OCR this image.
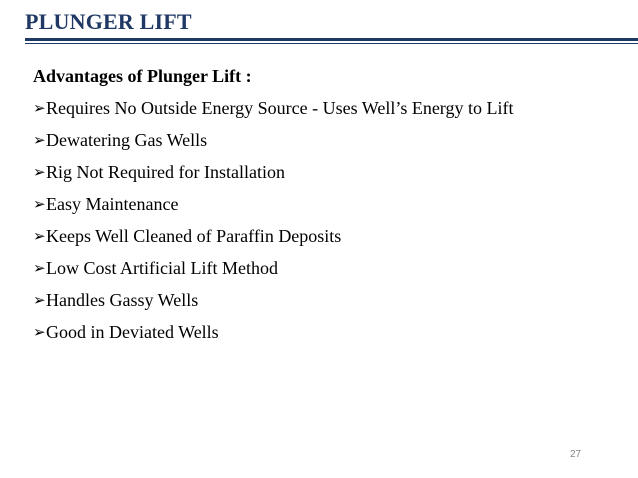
PLUNGER LIFT
Advantages of Plunger Lift :
➢ Requires No Outside Energy Source - Uses Well’s Energy to Lift
➢ Dewatering Gas Wells
➢ Rig Not Required for Installation
➢ Easy Maintenance
➢ Keeps Well Cleaned of Paraffin Deposits
➢ Low Cost Artificial Lift Method
➢ Handles Gassy Wells
➢ Good in Deviated Wells
27
